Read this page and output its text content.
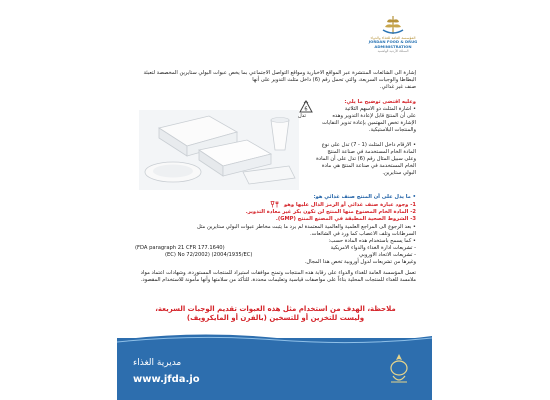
المؤسسة العامة للغذاء والدواء
JORDAN FOOD & DRUG
ADMINISTRATION
المملكة الأردنية الهاشمية
إشارة الى الشائعات المنتشرة عبر المواقع الاخبارية ومواقع التواصل الاجتماعي بما يخص عبوات البولي ستايرين المخصصة لتعبئة البطاطا والوجبات السريعة، والتي تحمل رقم (6) داخل مثلث التدوير على أنها
صنف غير غذائي.
وعليه اقتضى توضيح ما يلي:
6	• اشارة المثلث ذو الاسهم الثلاثية
تدل	على أن المنتج قابل لإعادة التدوير وهذه
الإشارة تخص المهتمين بإعادة تدوير النفايات
والمنتجات البلاستيكية.
• الارقام داخل المثلث (1 - 7) تدل على نوع
المادة الخام المستخدمة في صناعة المنتج
وعلى سبيل المثال رقم (6) تدل على أن المادة
الخام المستخدمة في صناعة المنتج هي مادة
البولي ستايرين.
• ما يدل على أن المنتج صنف غذائي هو:
1- وجود عبارة صنف غذائي أو الرمز الدال عليها وهو
2- المادة الخام المصنوع منها المنتج لن تكون بكر غير معادة التدوير.
3- الشروط الصحية المطبقة في المصنع المنتج (GMP).
• بعد الرجوع الى المراجع العلمية والعالمية المعتمدة لم يرد ما يثبت مخاطر عبوات البولي ستايرين مثل
السرطانات وتلف الاعصاب كما ورد في الشائعات.
• كما يسمح باستخدام هذه المادة حسب:
- تشريعات ادارة الغذاء والدواء الامريكية
(FDA paragraph 21 CFR 177.1640)
- تشريعات الاتحاد الاوروبي
(EC) No 72/2002) (2004/1935/EC)
وغيرها من تشريعات لدول أوروبية تخص هذا المجال.
تعمل المؤسسة العامة للغذاء والدواء على رقابة هذه المنتجات وتمنح موافقات استيراد للمنتجات المستوردة، وشهادات اعتماد مواد ملامسة للغذاء للمنتجات المحلية بناءاً على مواصفات قياسية وتعليمات محددة، للتأكد من سلامتها وأنها مأمونة للاستخدام المقصود.
ملاحظة، الهدف من استخدام مثل هذه العبوات تقديم الوجبات السريعة،
وليست للتخزين أو للتسخين (بالفرن أو المايكرويف)
مديرية الغذاء
www.jfda.jo
